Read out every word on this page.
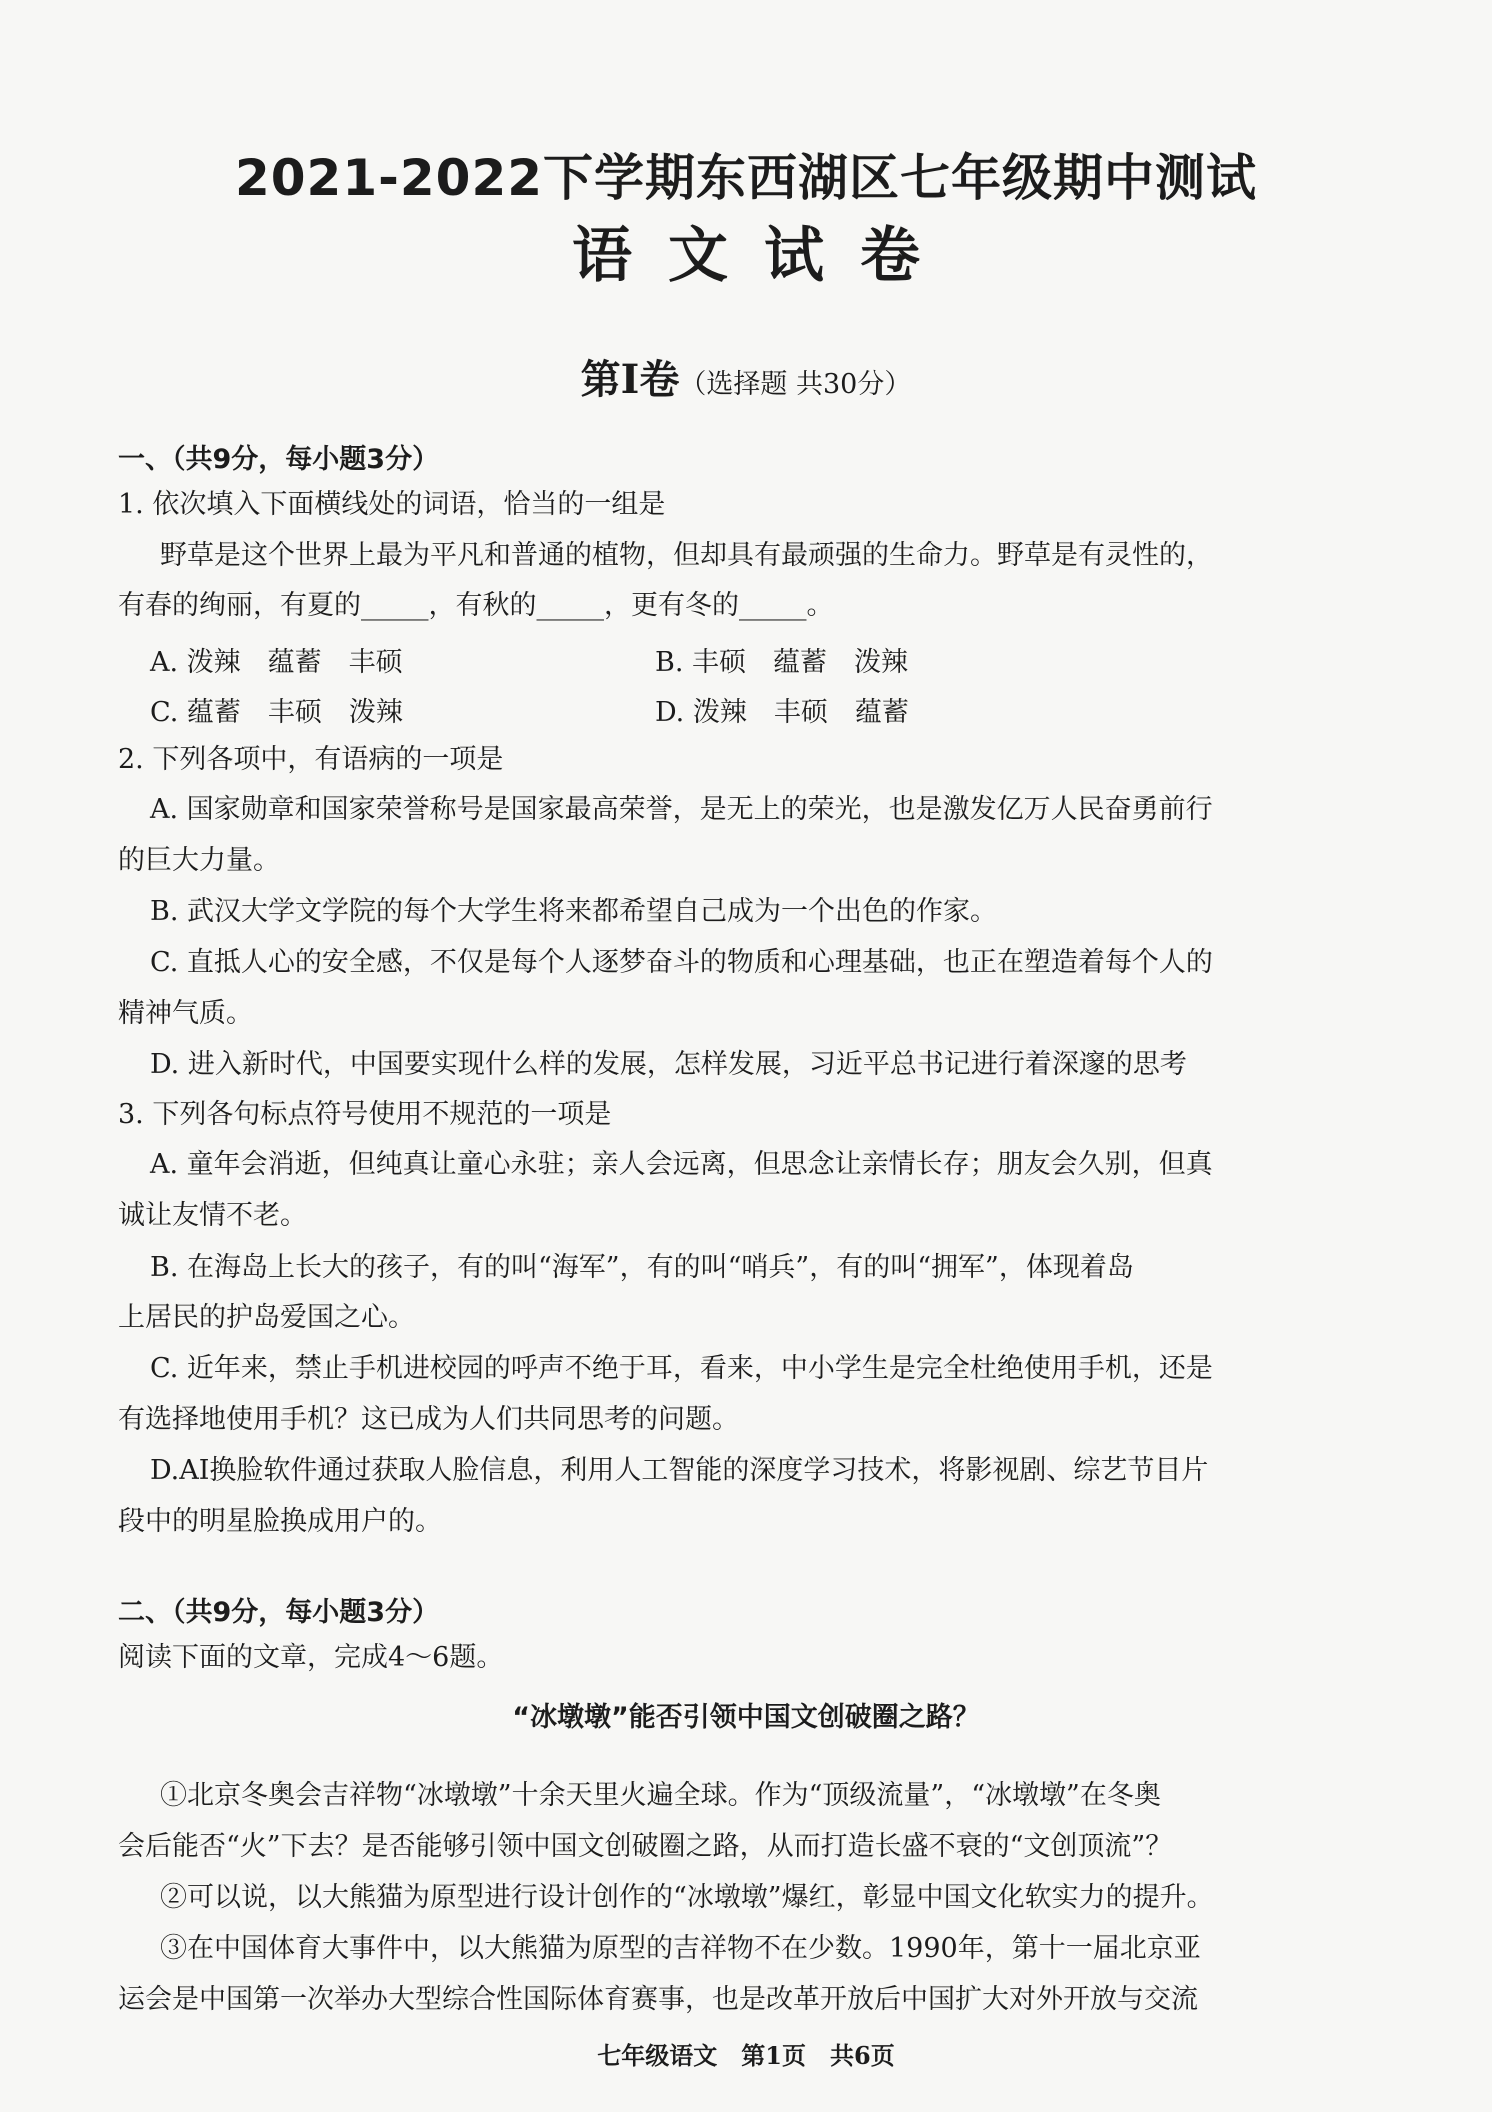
2021-2022下学期东西湖区七年级期中测试
语文试卷
第Ⅰ卷（选择题 共30分）
一、（共9分，每小题3分）
1. 依次填入下面横线处的词语，恰当的一组是
野草是这个世界上最为平凡和普通的植物，但却具有最顽强的生命力。野草是有灵性的，
有春的绚丽，有夏的_____，有秋的_____，更有冬的_____。
A. 泼辣　蕴蓄　丰硕	B. 丰硕　蕴蓄　泼辣
C. 蕴蓄　丰硕　泼辣	D. 泼辣　丰硕　蕴蓄
2. 下列各项中，有语病的一项是
A. 国家勋章和国家荣誉称号是国家最高荣誉，是无上的荣光，也是激发亿万人民奋勇前行
的巨大力量。
B. 武汉大学文学院的每个大学生将来都希望自己成为一个出色的作家。
C. 直抵人心的安全感，不仅是每个人逐梦奋斗的物质和心理基础，也正在塑造着每个人的
精神气质。
D. 进入新时代，中国要实现什么样的发展，怎样发展，习近平总书记进行着深邃的思考
3. 下列各句标点符号使用不规范的一项是
A. 童年会消逝，但纯真让童心永驻；亲人会远离，但思念让亲情长存；朋友会久别，但真
诚让友情不老。
B. 在海岛上长大的孩子，有的叫“海军”，有的叫“哨兵”，有的叫“拥军”，体现着岛
上居民的护岛爱国之心。
C. 近年来，禁止手机进校园的呼声不绝于耳，看来，中小学生是完全杜绝使用手机，还是
有选择地使用手机？这已成为人们共同思考的问题。
D.AI换脸软件通过获取人脸信息，利用人工智能的深度学习技术，将影视剧、综艺节目片
段中的明星脸换成用户的。
二、（共9分，每小题3分）
阅读下面的文章，完成4～6题。
“冰墩墩”能否引领中国文创破圈之路？
①北京冬奥会吉祥物“冰墩墩”十余天里火遍全球。作为“顶级流量”，“冰墩墩”在冬奥
会后能否“火”下去？是否能够引领中国文创破圈之路，从而打造长盛不衰的“文创顶流”？
②可以说，以大熊猫为原型进行设计创作的“冰墩墩”爆红，彰显中国文化软实力的提升。
③在中国体育大事件中，以大熊猫为原型的吉祥物不在少数。1990年，第十一届北京亚
运会是中国第一次举办大型综合性国际体育赛事，也是改革开放后中国扩大对外开放与交流
七年级语文　第1页　共6页
